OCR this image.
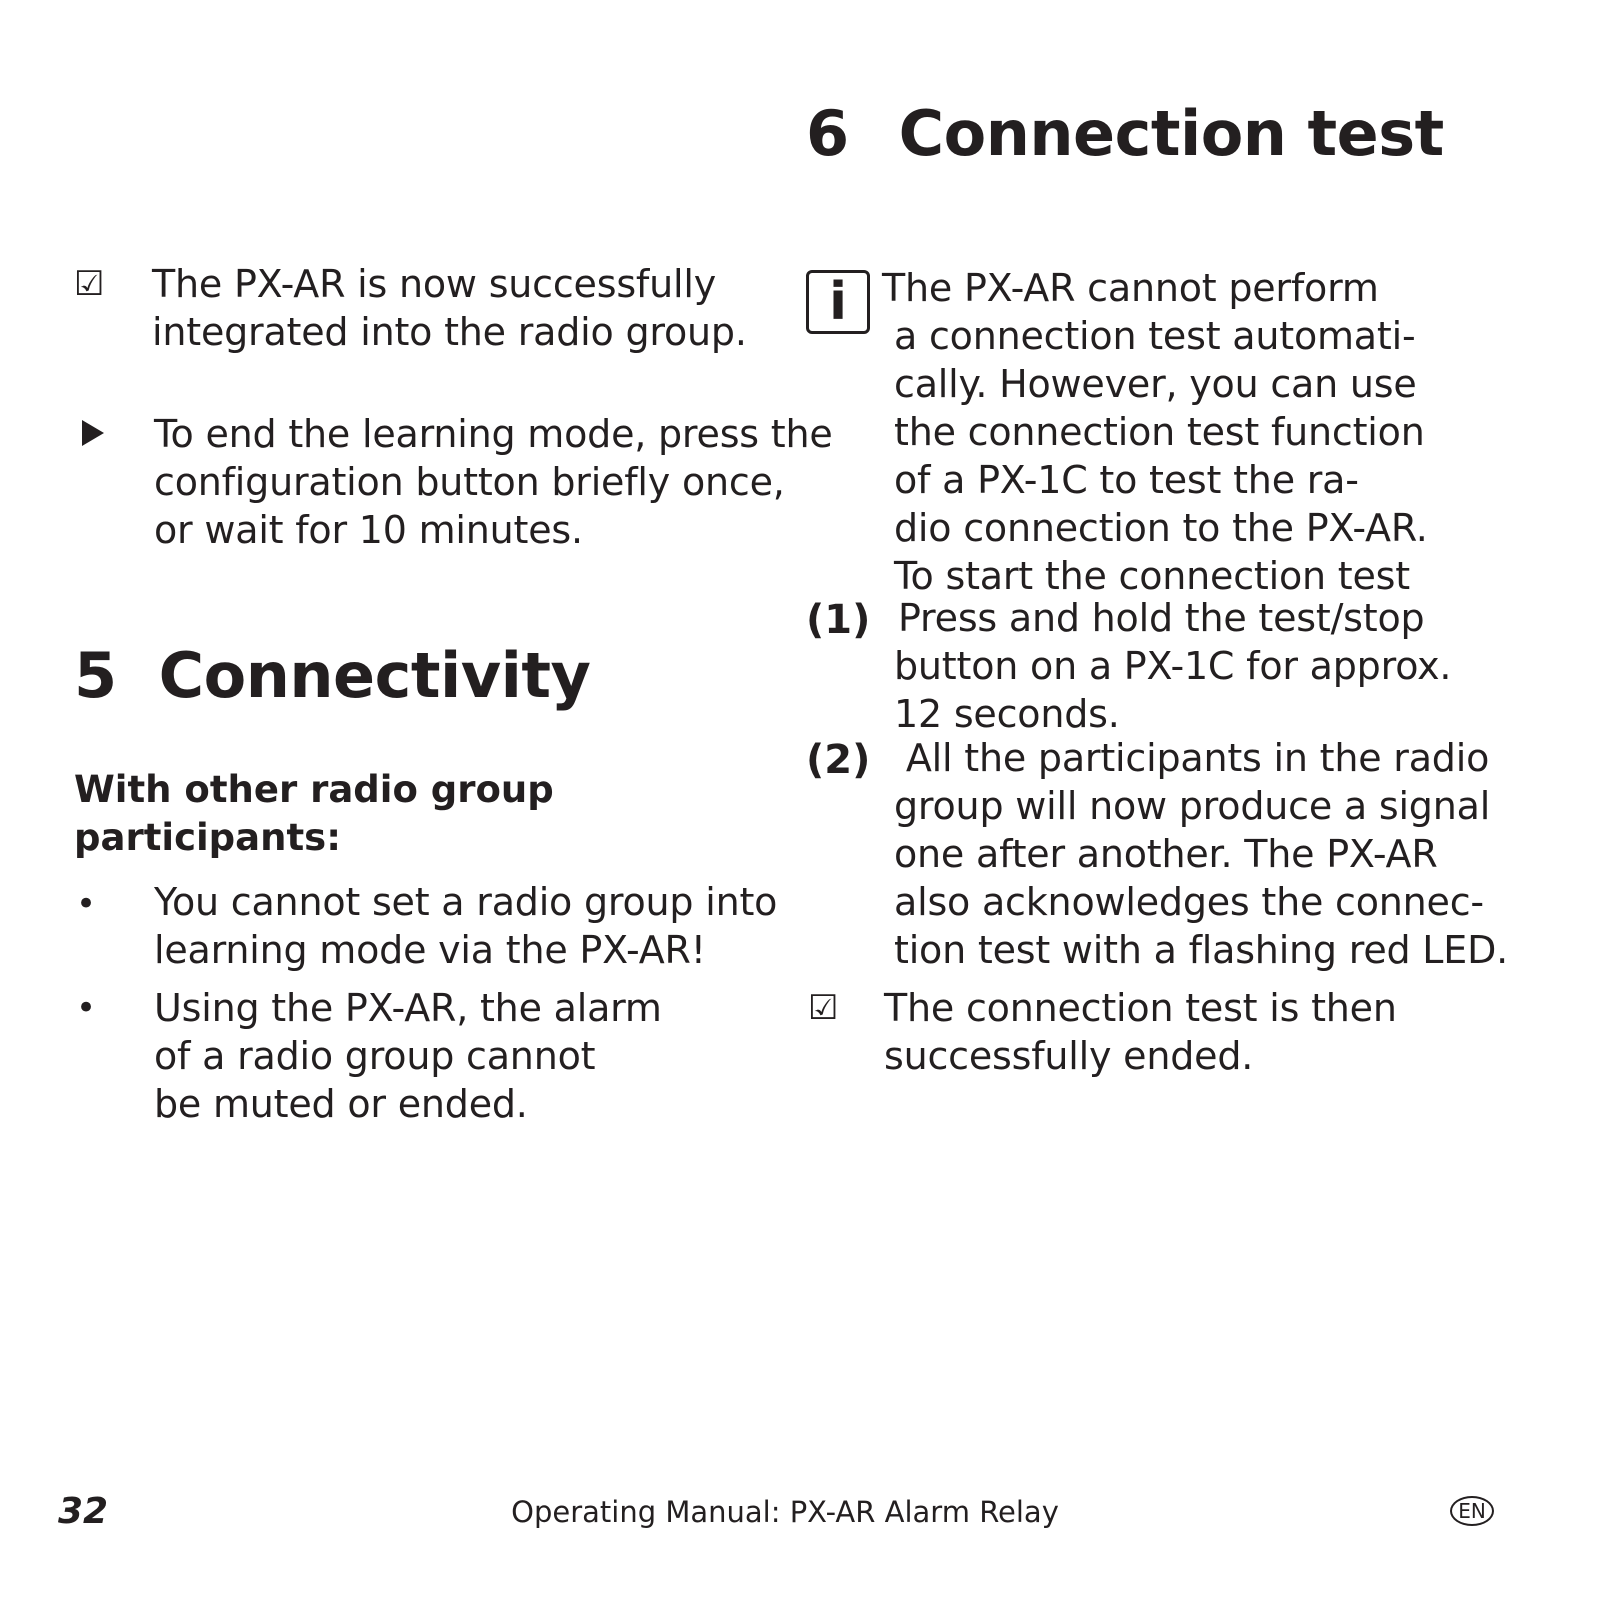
☑ The PX-AR is now successfully
integrated into the radio group.
To end the learning mode, press the
configuration button briefly once,
or wait for 10 minutes.
5 Connectivity
With other radio group
participants:
• You cannot set a radio group into
learning mode via the PX-AR!
• Using the PX-AR, the alarm
of a radio group cannot
be muted or ended.
6 Connection test
i The PX-AR cannot perform
a connection test automati-
cally. However, you can use
the connection test function
of a PX-1C to test the ra-
dio connection to the PX-AR.
To start the connection test
(1) Press and hold the test/stop
button on a PX-1C for approx.
12 seconds.
(2) All the participants in the radio
group will now produce a signal
one after another. The PX-AR
also acknowledges the connec-
tion test with a flashing red LED.
☑ The connection test is then
successfully ended.
32	Operating Manual: PX-AR Alarm Relay	EN
